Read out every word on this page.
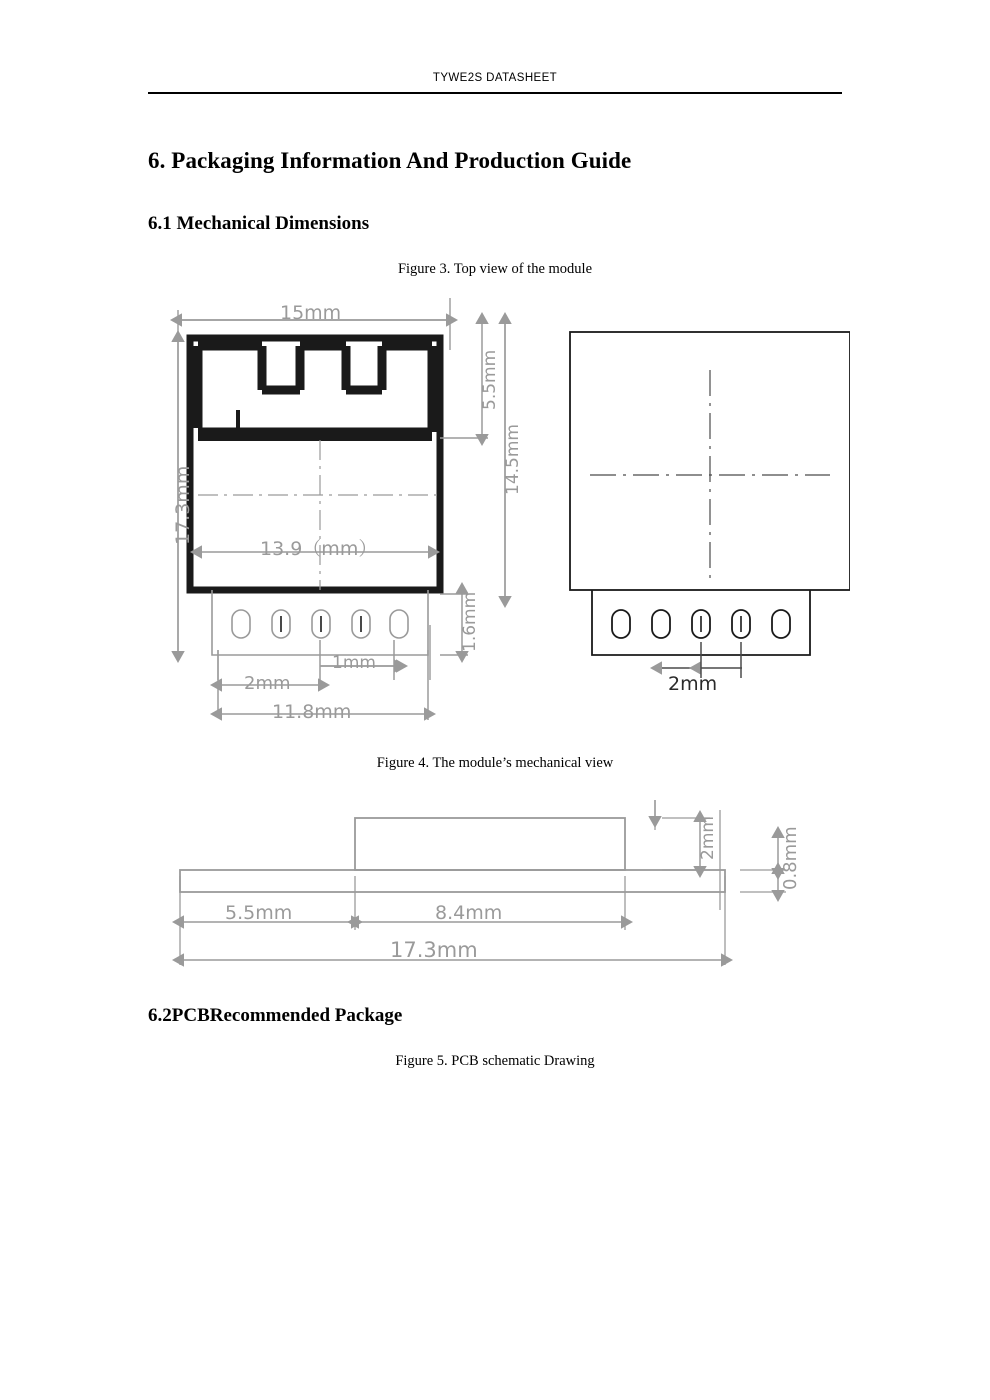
TYWE2S DATASHEET
6. Packaging Information And Production Guide
6.1 Mechanical Dimensions
6.2PCBRecommended Package
Figure 3. Top view of the module
Figure 4. The module’s mechanical view
Figure 5. PCB schematic Drawing
15mm
17.3mm
13.9（mm）
5.5mm
14.5mm
1.6mm
1mm
2mm
11.8mm
2mm
5.5mm	8.4mm
17.3mm
2mm	0.8mm
